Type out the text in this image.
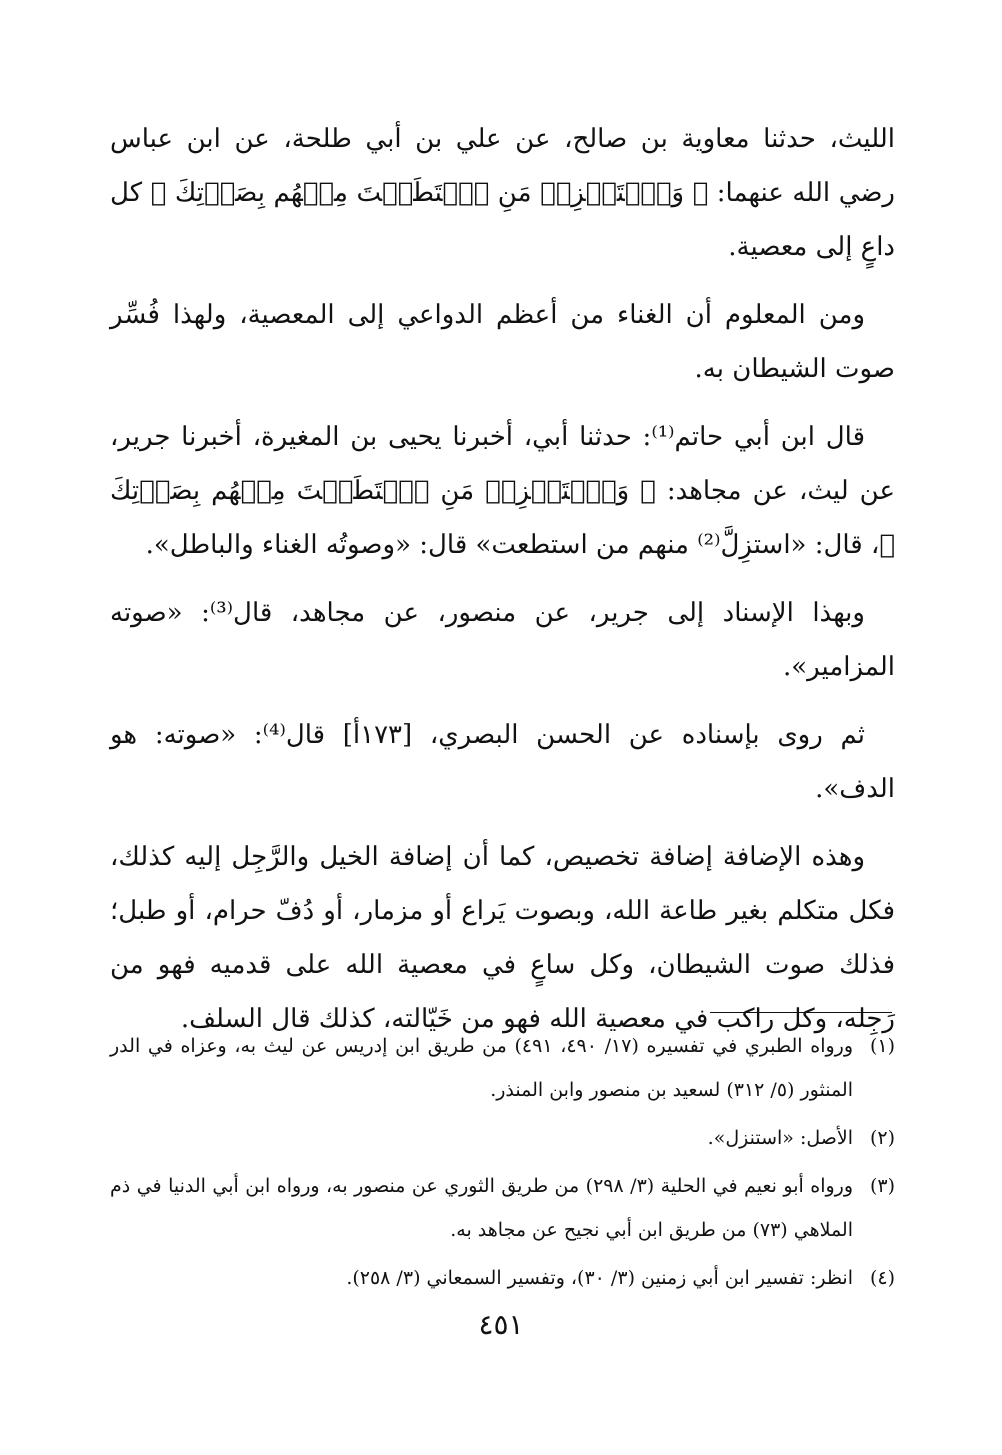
الليث، حدثنا معاوية بن صالح، عن علي بن أبي طلحة، عن ابن عباس رضي الله عنهما: ﴿ وَٱسۡتَفۡزِزۡ مَنِ ٱسۡتَطَعۡتَ مِنۡهُم بِصَوۡتِكَ ﴾ كل داعٍ إلى معصية.

ومن المعلوم أن الغناء من أعظم الدواعي إلى المعصية، ولهذا فُسِّر صوت الشيطان به.

قال ابن أبي حاتم⁽¹⁾: حدثنا أبي، أخبرنا يحيى بن المغيرة، أخبرنا جرير، عن ليث، عن مجاهد: ﴿ وَٱسۡتَفۡزِزۡ مَنِ ٱسۡتَطَعۡتَ مِنۡهُم بِصَوۡتِكَ ﴾، قال: «استزِلَّ⁽²⁾ منهم من استطعت» قال: «وصوتُه الغناء والباطل».

وبهذا الإسناد إلى جرير، عن منصور، عن مجاهد، قال⁽³⁾: «صوته المزامير».

ثم روى بإسناده عن الحسن البصري، [١٧٣أ] قال⁽⁴⁾: «صوته: هو الدف».

وهذه الإضافة إضافة تخصيص، كما أن إضافة الخيل والرَّجِل إليه كذلك، فكل متكلم بغير طاعة الله، وبصوت يَراع أو مزمار، أو دُفّ حرام، أو طبل؛ فذلك صوت الشيطان، وكل ساعٍ في معصية الله على قدميه فهو من رَجِله، وكل راكب في معصية الله فهو من خَيّالته، كذلك قال السلف.

(١)
ورواه الطبري في تفسيره (١٧/ ٤٩٠، ٤٩١) من طريق ابن إدريس عن ليث به، وعزاه في الدر المنثور (٥/ ٣١٢) لسعيد بن منصور وابن المنذر.
(٢)
الأصل: «استنزل».
(٣)
ورواه أبو نعيم في الحلية (٣/ ٢٩٨) من طريق الثوري عن منصور به، ورواه ابن أبي الدنيا في ذم الملاهي (٧٣) من طريق ابن أبي نجيح عن مجاهد به.
(٤)
انظر: تفسير ابن أبي زمنين (٣/ ٣٠)، وتفسير السمعاني (٣/ ٢٥٨).
٤٥١
